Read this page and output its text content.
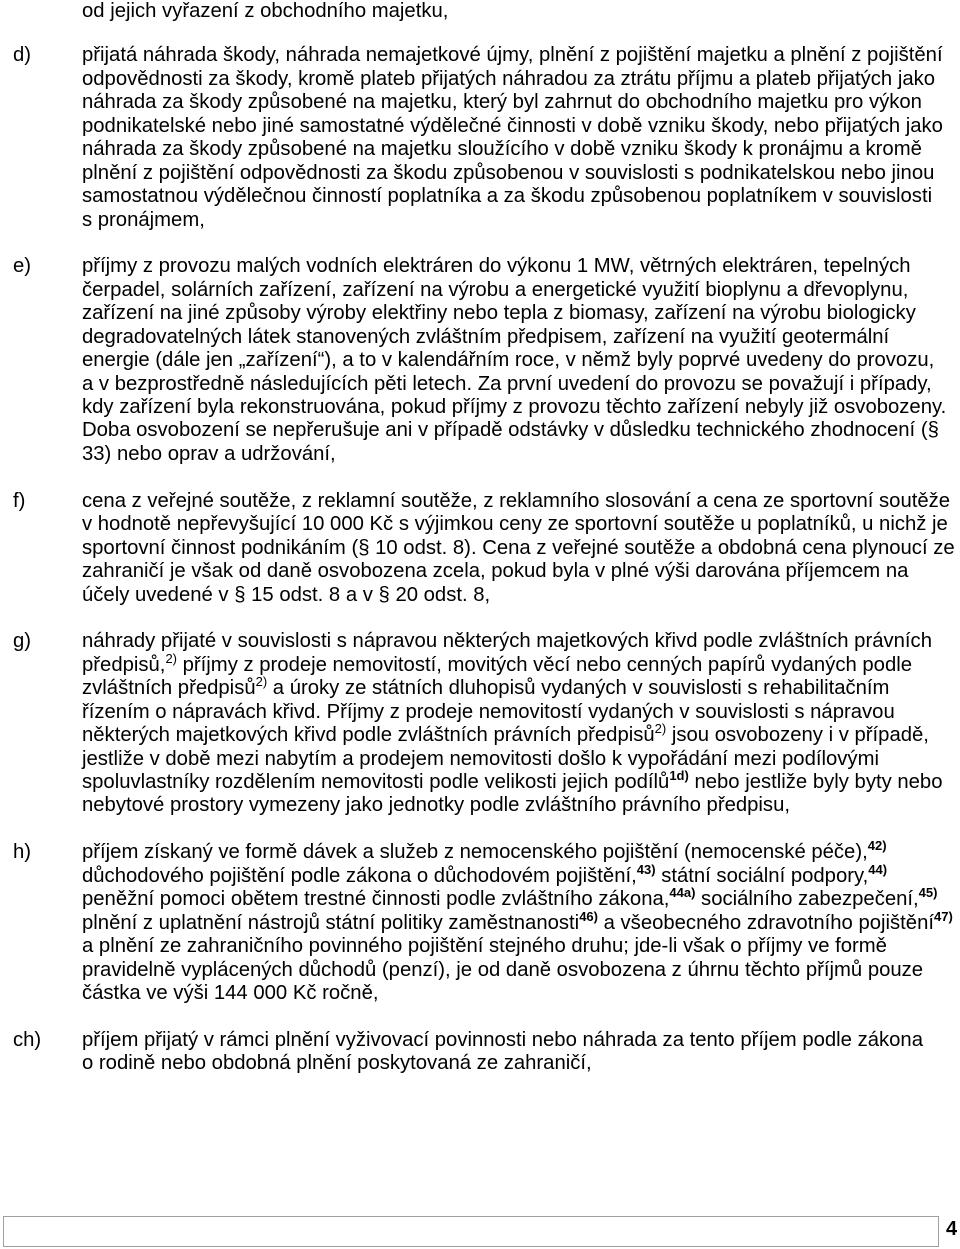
od jejich vyřazení z obchodního majetku,
d)	přijatá náhrada škody, náhrada nemajetkové újmy, plnění z pojištění majetku a plnění z pojištění
odpovědnosti za škody, kromě plateb přijatých náhradou za ztrátu příjmu a plateb přijatých jako
náhrada za škody způsobené na majetku, který byl zahrnut do obchodního majetku pro výkon
podnikatelské nebo jiné samostatné výdělečné činnosti v době vzniku škody, nebo přijatých jako
náhrada za škody způsobené na majetku sloužícího v době vzniku škody k pronájmu a kromě
plnění z pojištění odpovědnosti za škodu způsobenou v souvislosti s podnikatelskou nebo jinou
samostatnou výdělečnou činností poplatníka a za škodu způsobenou poplatníkem v souvislosti
s pronájmem,
e)	příjmy z provozu malých vodních elektráren do výkonu 1 MW, větrných elektráren, tepelných
čerpadel, solárních zařízení, zařízení na výrobu a energetické využití bioplynu a dřevoplynu,
zařízení na jiné způsoby výroby elektřiny nebo tepla z biomasy, zařízení na výrobu biologicky
degradovatelných látek stanovených zvláštním předpisem, zařízení na využití geotermální
energie (dále jen „zařízení“), a to v kalendářním roce, v němž byly poprvé uvedeny do provozu,
a v bezprostředně následujících pěti letech. Za první uvedení do provozu se považují i případy,
kdy zařízení byla rekonstruována, pokud příjmy z provozu těchto zařízení nebyly již osvobozeny.
Doba osvobození se nepřerušuje ani v případě odstávky v důsledku technického zhodnocení (§
33) nebo oprav a udržování,
f)	cena z veřejné soutěže, z reklamní soutěže, z reklamního slosování a cena ze sportovní soutěže
v hodnotě nepřevyšující 10 000 Kč s výjimkou ceny ze sportovní soutěže u poplatníků, u nichž je
sportovní činnost podnikáním (§ 10 odst. 8). Cena z veřejné soutěže a obdobná cena plynoucí ze
zahraničí je však od daně osvobozena zcela, pokud byla v plné výši darována příjemcem na
účely uvedené v § 15 odst. 8 a v § 20 odst. 8,
g)	náhrady přijaté v souvislosti s nápravou některých majetkových křivd podle zvláštních právních
předpisů,$^{2)}$ příjmy z prodeje nemovitostí, movitých věcí nebo cenných papírů vydaných podle
zvláštních předpisů$^{2)}$ a úroky ze státních dluhopisů vydaných v souvislosti s rehabilitačním
řízením o nápravách křivd. Příjmy z prodeje nemovitostí vydaných v souvislosti s nápravou
některých majetkových křivd podle zvláštních právních předpisů$^{2)}$ jsou osvobozeny i v případě,
jestliže v době mezi nabytím a prodejem nemovitosti došlo k vypořádání mezi podílovými
spoluvlastníky rozdělením nemovitosti podle velikosti jejich podílů$^{1d)}$ nebo jestliže byly byty nebo
nebytové prostory vymezeny jako jednotky podle zvláštního právního předpisu,
h)	příjem získaný ve formě dávek a služeb z nemocenského pojištění (nemocenské péče),$^{42)}$
důchodového pojištění podle zákona o důchodovém pojištění,$^{43)}$ státní sociální podpory,$^{44)}$
peněžní pomoci obětem trestné činnosti podle zvláštního zákona,$^{44a)}$ sociálního zabezpečení,$^{45)}$
plnění z uplatnění nástrojů státní politiky zaměstnanosti$^{46)}$ a všeobecného zdravotního pojištění$^{47)}$
a plnění ze zahraničního povinného pojištění stejného druhu; jde-li však o příjmy ve formě
pravidelně vyplácených důchodů (penzí), je od daně osvobozena z úhrnu těchto příjmů pouze
částka ve výši 144 000 Kč ročně,
ch) příjem přijatý v rámci plnění vyživovací povinnosti nebo náhrada za tento příjem podle zákona
o rodině nebo obdobná plnění poskytovaná ze zahraničí,
4
